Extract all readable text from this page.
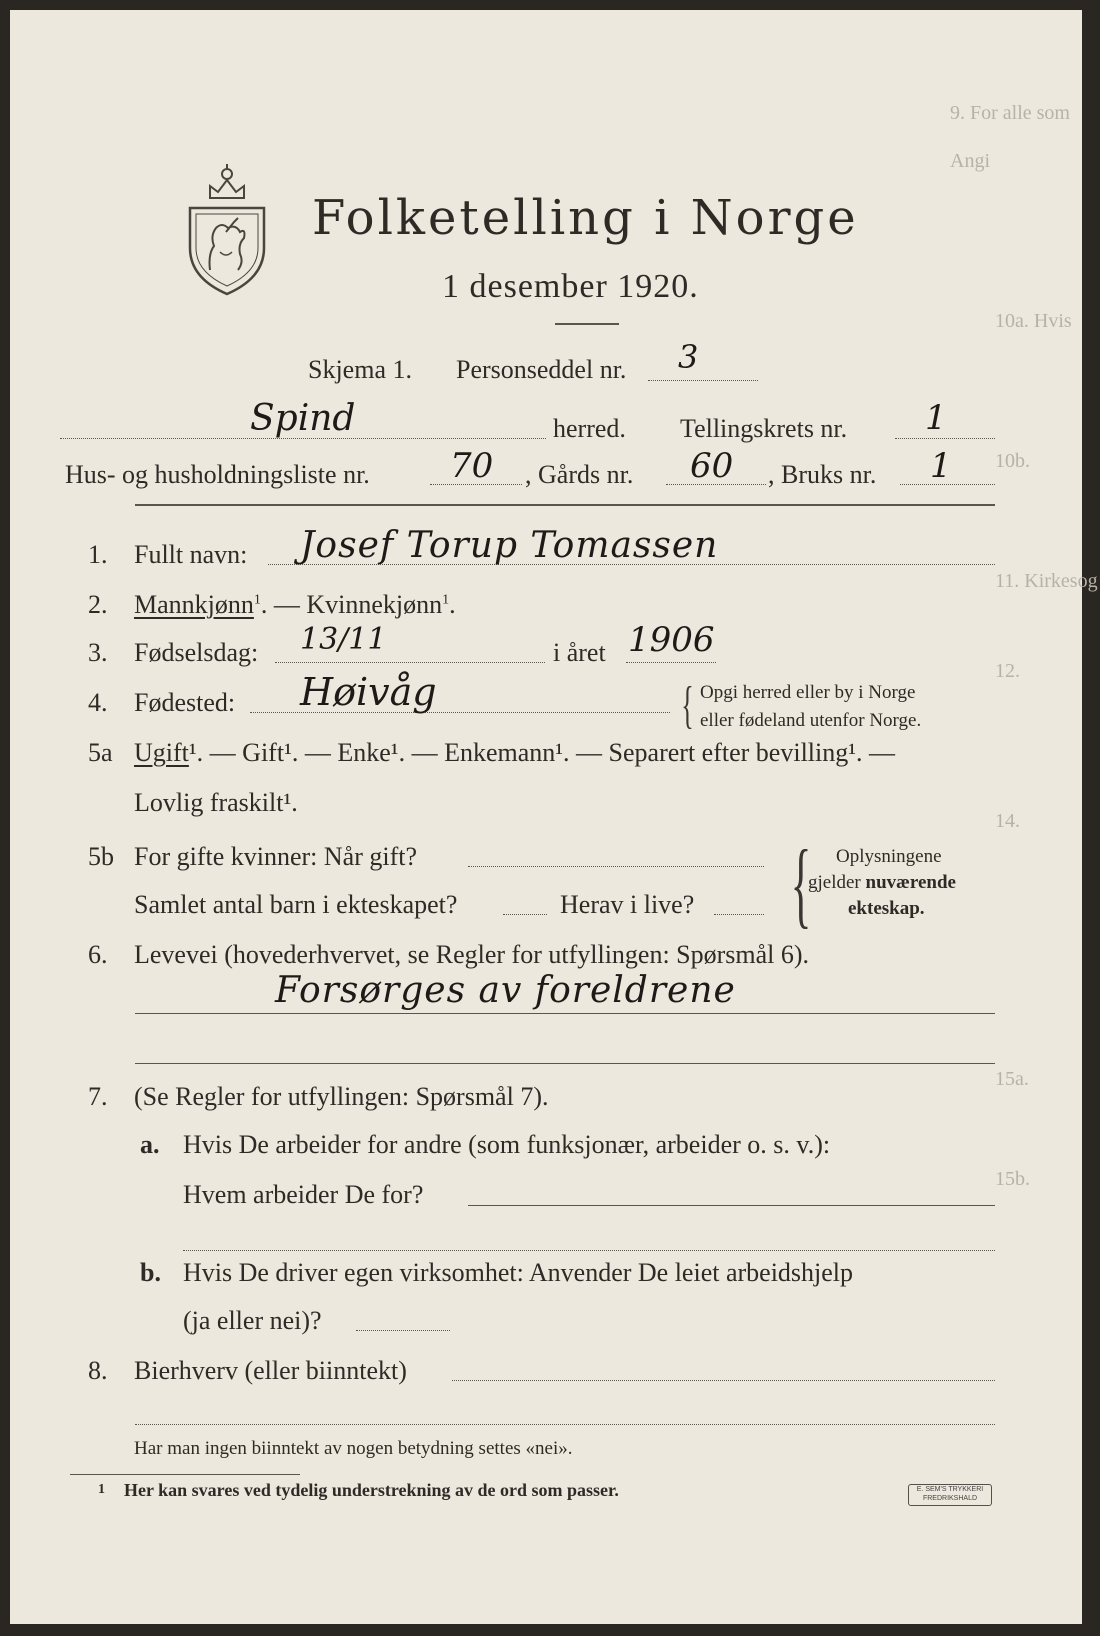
9. For alle som
Angi
10a. Hvis
10b.
11. Kirkesog
12.
14.
15a.
15b.
Folketelling i Norge
1 desember 1920.
Skjema 1. Personseddel nr. 3
Spind	herred. Tellingskrets nr. 1
Hus- og husholdningsliste nr. 70 , Gårds nr. 60 , Bruks nr. 1
1. Fullt navn: Josef Torup Tomassen
2. Mannkjønn$^1$. — Kvinnekjønn$^1$.
3. Fødselsdag: 13/11	i året 1906
4. Fødested: Høivåg	{ Opgi herred eller by i Norge
eller fødeland utenfor Norge.
5a Ugift¹. — Gift¹. — Enke¹. — Enkemann¹. — Separert efter bevilling¹. —
Lovlig fraskilt¹.
5b For gifte kvinner: Når gift?
Samlet antal barn i ekteskapet?	Herav i live? { Oplysningene
gjelder nuværende
ekteskap.
6. Levevei (hovederhvervet, se Regler for utfyllingen: Spørsmål 6).
Forsørges av foreldrene
7. (Se Regler for utfyllingen: Spørsmål 7).
a. Hvis De arbeider for andre (som funksjonær, arbeider o. s. v.):
Hvem arbeider De for?
b. Hvis De driver egen virksomhet: Anvender De leiet arbeidshjelp
(ja eller nei)?
8. Bierhverv (eller biinntekt)
Har man ingen biinntekt av nogen betydning settes «nei».
1 Her kan svares ved tydelig understrekning av de ord som passer.	E. SEM'S TRYKKERI
FREDRIKSHALD
